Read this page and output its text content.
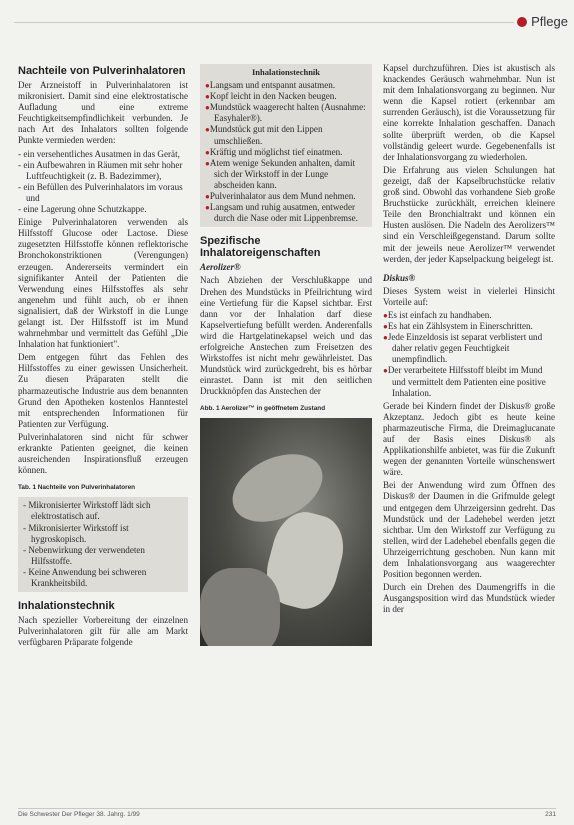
Pflege
Nachteile von Pulverinhalatoren

Der Arzneistoff in Pulverinhalatoren ist mikronisiert. Damit sind eine elektrostatische Aufladung und eine extreme Feuchtigkeitsempfindlichkeit verbunden. Je nach Art des Inhalators sollten folgende Punkte vermieden werden:

- ein versehentliches Ausatmen in das Gerät,
- ein Aufbewahren in Räumen mit sehr hoher Luftfeuchtigkeit (z. B. Badezimmer),
- ein Befüllen des Pulverinhalators im voraus und
- eine Lagerung ohne Schutzkappe.

Einige Pulverinhalatoren verwenden als Hilfsstoff Glucose oder Lactose. Diese zugesetzten Hilfsstoffe können reflektorische Bronchokonstriktionen (Verengungen) erzeugen. Andererseits vermindert ein signifikanter Anteil der Patienten die Verwendung eines Hilfsstoffes als sehr angenehm und fühlt auch, ob er ihnen signalisiert, daß der Wirkstoff in die Lunge gelangt ist. Der Hilfsstoff ist im Mund wahrnehmbar und vermittelt das Gefühl „Die Inhalation hat funktioniert".

Dem entgegen führt das Fehlen des Hilfsstoffes zu einer gewissen Unsicherheit. Zu diesen Präparaten stellt die pharmazeutische Industrie aus dem benannten Grund den Apotheken kostenlos Hanntestel mit entsprechenden Informationen für Patienten zur Verfügung.

Pulverinhalatoren sind nicht für schwer erkrankte Patienten geeignet, die keinen ausreichenden Inspirationsfluß erzeugen können.

Tab. 1 Nachteile von Pulverinhalatoren
- Mikronisierter Wirkstoff lädt sich elektrostatisch auf.
- Mikronisierter Wirkstoff ist hygroskopisch.
- Nebenwirkung der verwendeten Hilfsstoffe.
- Keine Anwendung bei schweren Krankheitsbild.
Inhalationstechnik

Nach spezieller Vorbereitung der einzelnen Pulverinhalatoren gilt für alle am Markt verfügbaren Präparate folgende

Inhalationstechnik
● Langsam und entspannt ausatmen.
● Kopf leicht in den Nacken beugen.
● Mundstück waagerecht halten (Ausnahme: Easyhaler®).
● Mundstück gut mit den Lippen umschließen.
● Kräftig und möglichst tief einatmen.
● Atem wenige Sekunden anhalten, damit sich der Wirkstoff in der Lunge abscheiden kann.
● Pulverinhalator aus dem Mund nehmen.
● Langsam und ruhig ausatmen, entweder durch die Nase oder mit Lippenbremse.
Spezifische Inhalatoreigenschaften
Aerolizer®

Nach Abziehen der Verschlußkappe und Drehen des Mundstücks in Pfeilrichtung wird eine Vertiefung für die Kapsel sichtbar. Erst dann vor der Inhalation darf diese Kapselvertiefung befüllt werden. Anderenfalls wird die Hartgelatinekapsel weich und das erfolgreiche Anstechen zum Freisetzen des Wirkstoffes ist nicht mehr gewährleistet. Das Mundstück wird zurückgedreht, bis es hörbar einrastet. Dann ist mit den seitlichen Druckknöpfen das Anstechen der

Abb. 1 Aerolizer™ in geöffnetem Zustand

Kapsel durchzuführen. Dies ist akustisch als knackendes Geräusch wahrnehmbar. Nun ist mit dem Inhalationsvorgang zu beginnen. Nur wenn die Kapsel rotiert (erkennbar am surrenden Geräusch), ist die Voraussetzung für eine korrekte Inhalation geschaffen. Danach sollte überprüft werden, ob die Kapsel vollständig geleert wurde. Gegebenenfalls ist der Inhalationsvorgang zu wiederholen.

Die Erfahrung aus vielen Schulungen hat gezeigt, daß der Kapselbruchstücke relativ groß sind. Obwohl das vorhandene Sieb große Bruchstücke zurückhält, erreichen kleinere Teile den Bronchialtrakt und können ein Husten auslösen. Die Nadeln des Aerolizers™ sind ein Verschleißgegenstand. Darum sollte mit der jeweils neue Aerolizer™ verwendet werden, der jeder Kapselpackung beigelegt ist.

Diskus®

Dieses System weist in vielerlei Hinsicht Vorteile auf:

● Es ist einfach zu handhaben.
● Es hat ein Zählsystem in Einerschritten.
● Jede Einzeldosis ist separat verblistert und daher relativ gegen Feuchtigkeit unempfindlich.
● Der verarbeitete Hilfsstoff bleibt im Mund und vermittelt dem Patienten eine positive Inhalation.

Gerade bei Kindern findet der Diskus® große Akzeptanz. Jedoch gibt es heute keine pharmazeutische Firma, die Dreimaglucanate auf der Basis eines Diskus® als Applikationshilfe anbietet, was für die Zukunft wegen der genannten Vorteile wünschenswert wäre.

Bei der Anwendung wird zum Öffnen des Diskus® der Daumen in die Grifmulde gelegt und entgegen dem Uhrzeigersinn gedreht. Das Mundstück und der Ladehebel werden jetzt sichtbar. Um den Wirkstoff zur Verfügung zu stellen, wird der Ladehebel ebenfalls gegen die Uhrzeigerrichtung geschoben. Nun kann mit dem Inhalationsvorgang aus waagerechter Position begonnen werden.

Durch ein Drehen des Daumengriffs in die Ausgangsposition wird das Mundstück wieder in der

Die Schwester Der Pfleger 38. Jahrg. 1/99	231
